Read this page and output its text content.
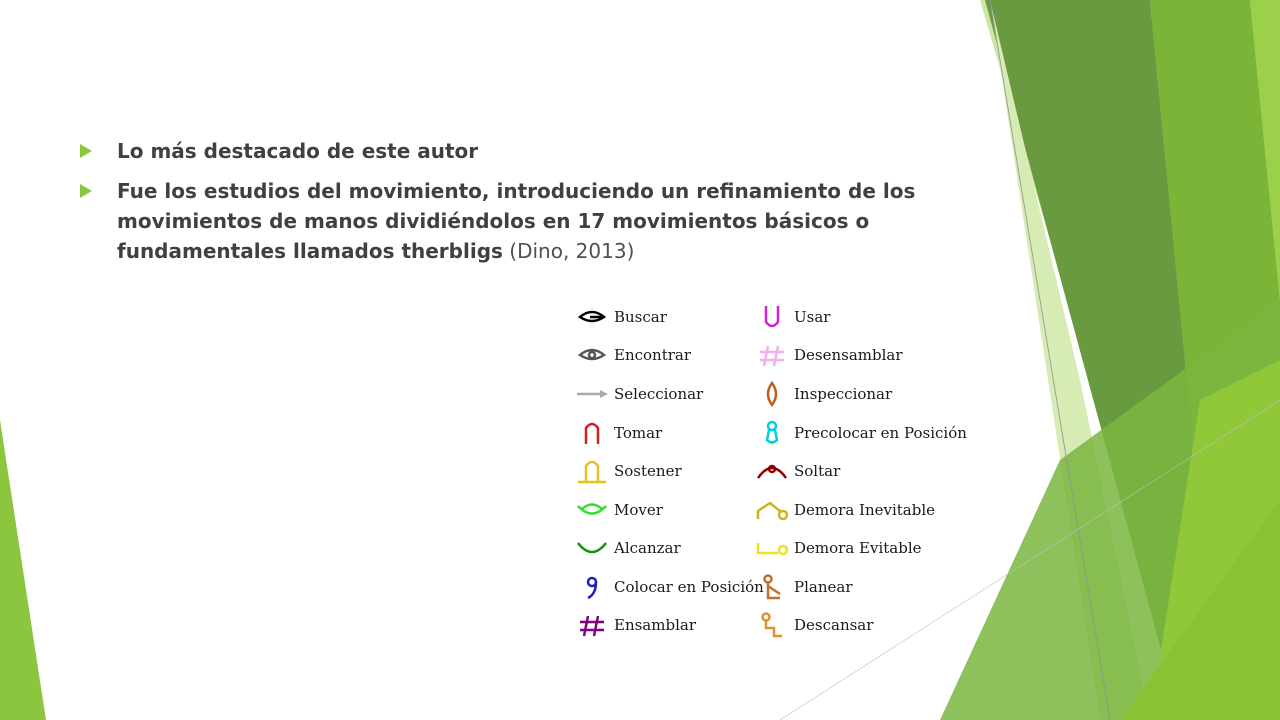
Lo más destacado de este autor
Fue los estudios del movimiento, introduciendo un refinamiento de los movimientos de manos dividiéndolos en 17 movimientos básicos o fundamentales llamados therbligs (Dino, 2013)
Buscar
Encontrar
Seleccionar
Tomar
Sostener
Mover
Alcanzar
Colocar en Posición
Ensamblar
Usar
Desensamblar
Inspeccionar
Precolocar en Posición
Soltar
Demora Inevitable
Demora Evitable
Planear
Descansar
